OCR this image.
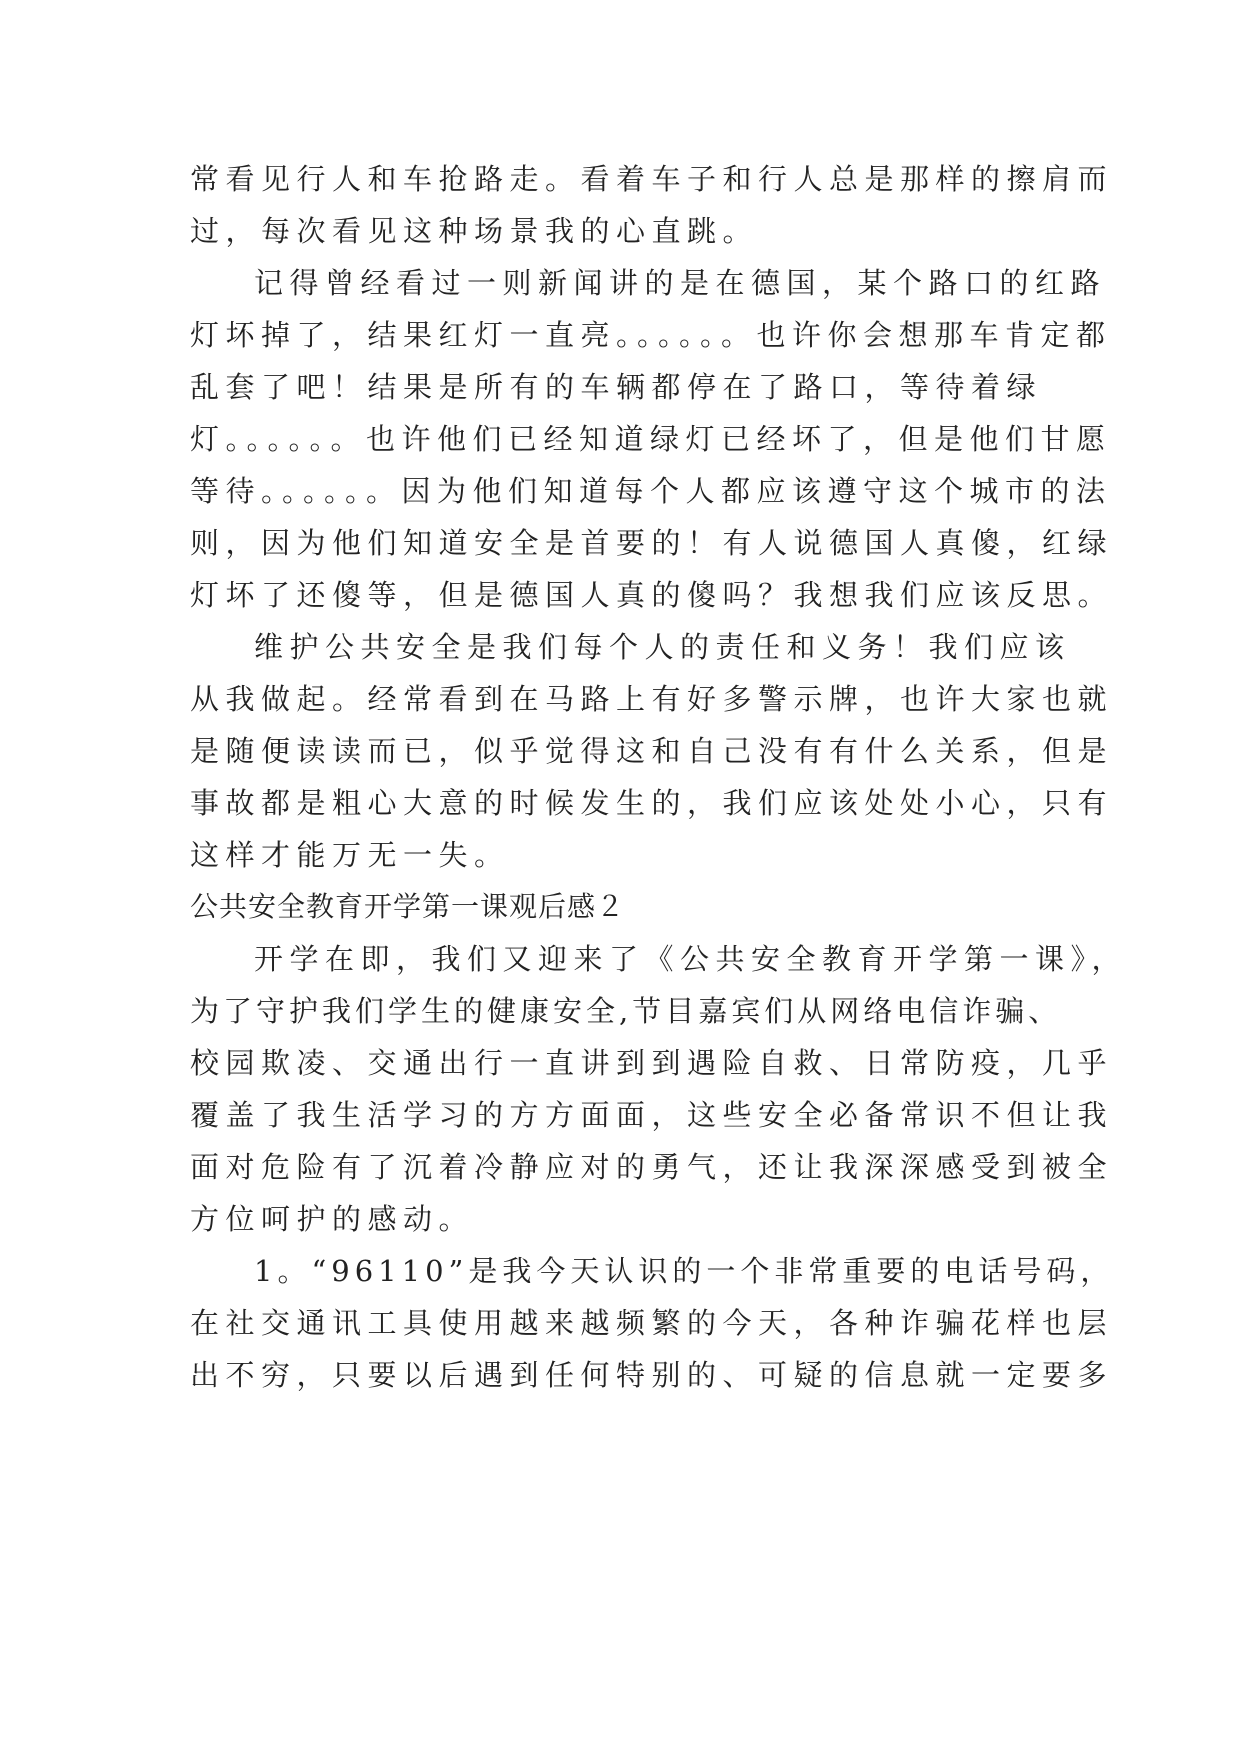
常看见行人和车抢路走。看着车子和行人总是那样的擦肩而
过，每次看见这种场景我的心直跳。
记得曾经看过一则新闻讲的是在德国，某个路口的红路
灯坏掉了，结果红灯一直亮。。。。。。也许你会想那车肯定都
乱套了吧！结果是所有的车辆都停在了路口，等待着绿
灯。。。。。。也许他们已经知道绿灯已经坏了，但是他们甘愿
等待。。。。。。因为他们知道每个人都应该遵守这个城市的法
则，因为他们知道安全是首要的！有人说德国人真傻，红绿
灯坏了还傻等，但是德国人真的傻吗？我想我们应该反思。
维护公共安全是我们每个人的责任和义务！我们应该
从我做起。经常看到在马路上有好多警示牌，也许大家也就
是随便读读而已，似乎觉得这和自己没有有什么关系，但是
事故都是粗心大意的时候发生的，我们应该处处小心，只有
这样才能万无一失。
公共安全教育开学第一课观后感２
开学在即，我们又迎来了《公共安全教育开学第一课》，
为了守护我们学生的健康安全,节目嘉宾们从网络电信诈骗、
校园欺凌、交通出行一直讲到到遇险自救、日常防疫，几乎
覆盖了我生活学习的方方面面，这些安全必备常识不但让我
面对危险有了沉着冷静应对的勇气，还让我深深感受到被全
方位呵护的感动。
1。“96110”是我今天认识的一个非常重要的电话号码，
在社交通讯工具使用越来越频繁的今天，各种诈骗花样也层
出不穷，只要以后遇到任何特别的、可疑的信息就一定要多
